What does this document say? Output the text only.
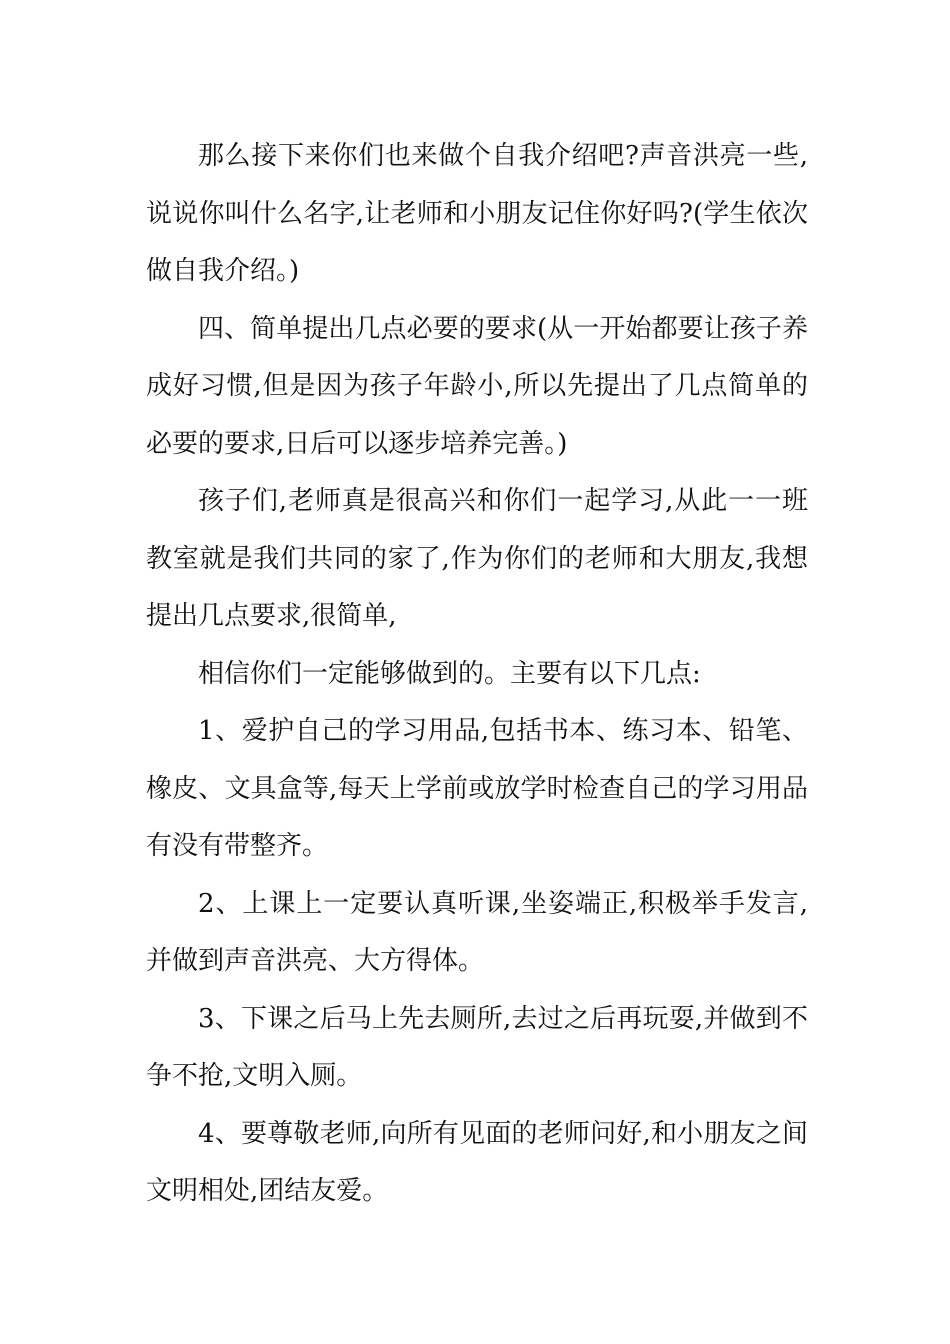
那么接下来你们也来做个自我介绍吧?声音洪亮一些,说说你叫什么名字,让老师和小朋友记住你好吗?(学生依次做自我介绍。)

四、简单提出几点必要的要求(从一开始都要让孩子养成好习惯,但是因为孩子年龄小,所以先提出了几点简单的必要的要求,日后可以逐步培养完善。)

孩子们,老师真是很高兴和你们一起学习,从此一一班教室就是我们共同的家了,作为你们的老师和大朋友,我想提出几点要求,很简单,

相信你们一定能够做到的。主要有以下几点:

1、爱护自己的学习用品,包括书本、练习本、铅笔、橡皮、文具盒等,每天上学前或放学时检查自己的学习用品有没有带整齐。

2、上课上一定要认真听课,坐姿端正,积极举手发言,并做到声音洪亮、大方得体。

3、下课之后马上先去厕所,去过之后再玩耍,并做到不争不抢,文明入厕。

4、要尊敬老师,向所有见面的老师问好,和小朋友之间文明相处,团结友爱。
